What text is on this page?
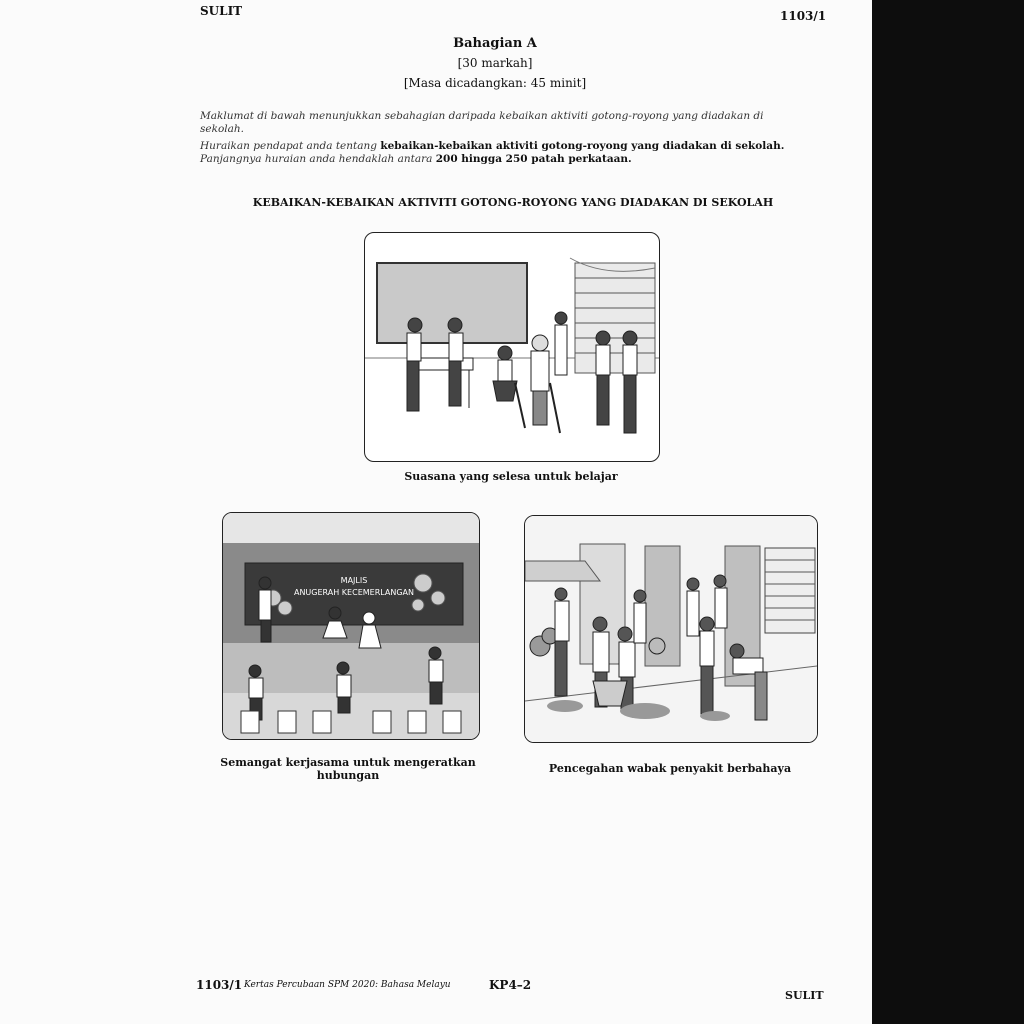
SULIT	1103/1
Bahagian A
[30 markah]
[Masa dicadangkan: 45 minit]
Maklumat di bawah menunjukkan sebahagian daripada kebaikan aktiviti gotong-royong yang diadakan di sekolah.
Huraikan pendapat anda tentang kebaikan-kebaikan aktiviti gotong-royong yang diadakan di sekolah.
Panjangnya huraian anda hendaklah antara 200 hingga 250 patah perkataan.
KEBAIKAN-KEBAIKAN AKTIVITI GOTONG-ROYONG YANG DIADAKAN DI SEKOLAH
Suasana yang selesa untuk belajar
MAJLIS
ANUGERAH KECEMERLANGAN
Semangat kerjasama untuk mengeratkan hubungan
Pencegahan wabak penyakit berbahaya
1103/1 Kertas Percubaan SPM 2020: Bahasa Melayu	KP4–2
SULIT
